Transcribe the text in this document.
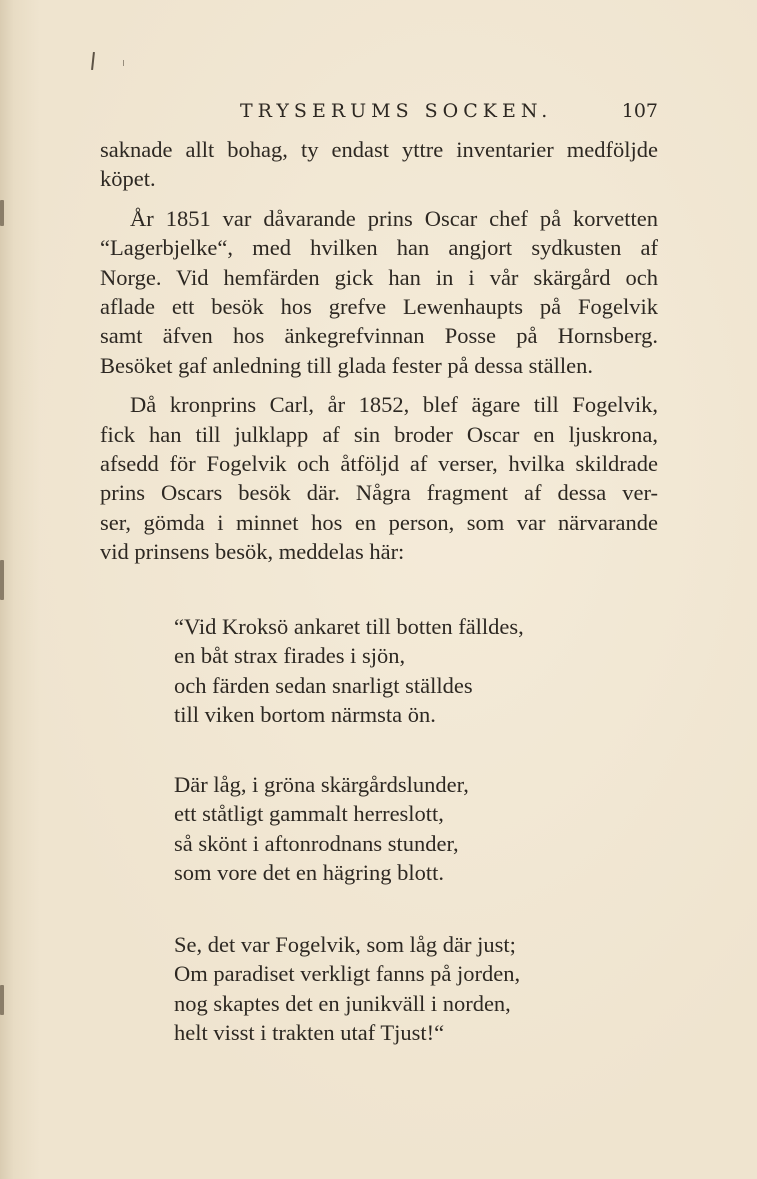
TRYSERUMS SOCKEN.	107
saknade allt bohag, ty endast yttre inventarier medföljde
köpet.
År 1851 var dåvarande prins Oscar chef på korvetten
“Lagerbjelke“, med hvilken han angjort sydkusten af
Norge. Vid hemfärden gick han in i vår skärgård och
aflade ett besök hos grefve Lewenhaupts på Fogelvik
samt äfven hos änkegrefvinnan Posse på Hornsberg.
Besöket gaf anledning till glada fester på dessa ställen.
Då kronprins Carl, år 1852, blef ägare till Fogelvik,
fick han till julklapp af sin broder Oscar en ljuskrona,
afsedd för Fogelvik och åtföljd af verser, hvilka skildrade
prins Oscars besök där. Några fragment af dessa ver-
ser, gömda i minnet hos en person, som var närvarande
vid prinsens besök, meddelas här:
“Vid Kroksö ankaret till botten fälldes,
en båt strax firades i sjön,
och färden sedan snarligt ställdes
till viken bortom närmsta ön.
Där låg, i gröna skärgårdslunder,
ett ståtligt gammalt herreslott,
så skönt i aftonrodnans stunder,
som vore det en hägring blott.
Se, det var Fogelvik, som låg där just;
Om paradiset verkligt fanns på jorden,
nog skaptes det en junikväll i norden,
helt visst i trakten utaf Tjust!“
